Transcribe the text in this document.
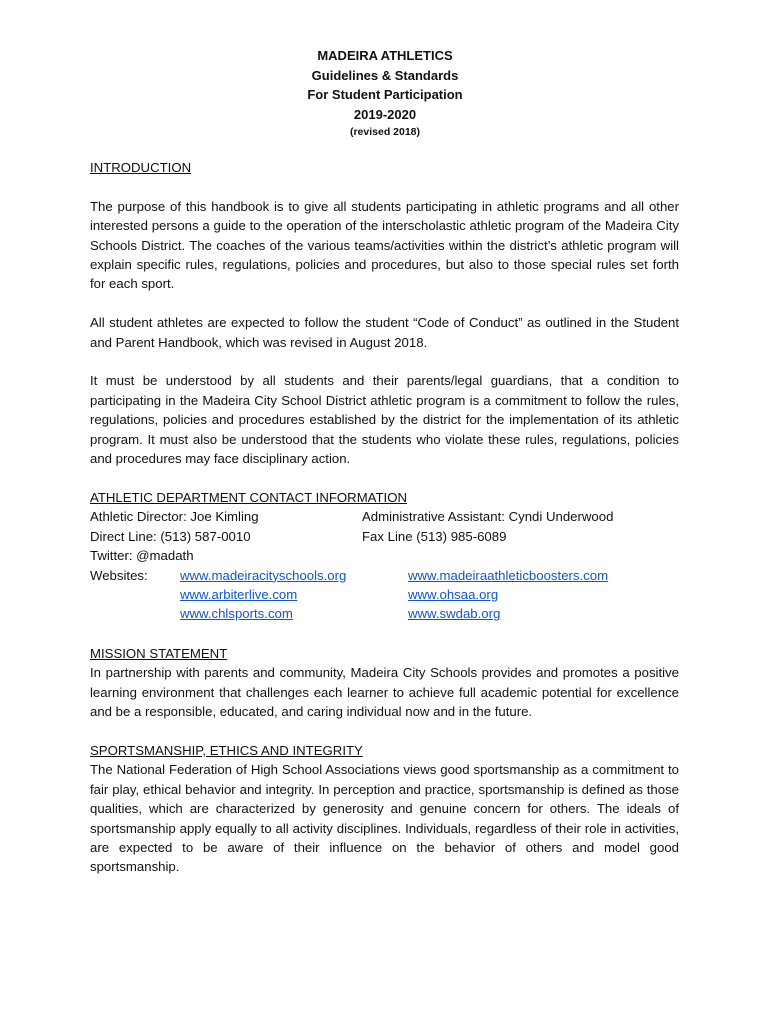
MADEIRA ATHLETICS
Guidelines & Standards
For Student Participation
2019-2020
(revised 2018)
INTRODUCTION
The purpose of this handbook is to give all students participating in athletic programs and all other interested persons a guide to the operation of the interscholastic athletic program of the Madeira City Schools District. The coaches of the various teams/activities within the district’s athletic program will explain specific rules, regulations, policies and procedures, but also to those special rules set forth for each sport.
All student athletes are expected to follow the student “Code of Conduct” as outlined in the Student and Parent Handbook, which was revised in August 2018.
It must be understood by all students and their parents/legal guardians, that a condition to participating in the Madeira City School District athletic program is a commitment to follow the rules, regulations, policies and procedures established by the district for the implementation of its athletic program. It must also be understood that the students who violate these rules, regulations, policies and procedures may face disciplinary action.
ATHLETIC DEPARTMENT CONTACT INFORMATION
Athletic Director: Joe Kimling	Administrative Assistant: Cyndi Underwood
Direct Line: (513) 587-0010	Fax Line (513) 985-6089
Twitter: @madath
Websites: www.madeiracityschools.org	www.madeiraathleticboosters.com
www.arbiterlive.com	www.ohsaa.org
www.chlsports.com	www.swdab.org
MISSION STATEMENT
In partnership with parents and community, Madeira City Schools provides and promotes a positive learning environment that challenges each learner to achieve full academic potential for excellence and be a responsible, educated, and caring individual now and in the future.
SPORTSMANSHIP, ETHICS AND INTEGRITY
The National Federation of High School Associations views good sportsmanship as a commitment to fair play, ethical behavior and integrity. In perception and practice, sportsmanship is defined as those qualities, which are characterized by generosity and genuine concern for others. The ideals of sportsmanship apply equally to all activity disciplines. Individuals, regardless of their role in activities, are expected to be aware of their influence on the behavior of others and model good sportsmanship.
